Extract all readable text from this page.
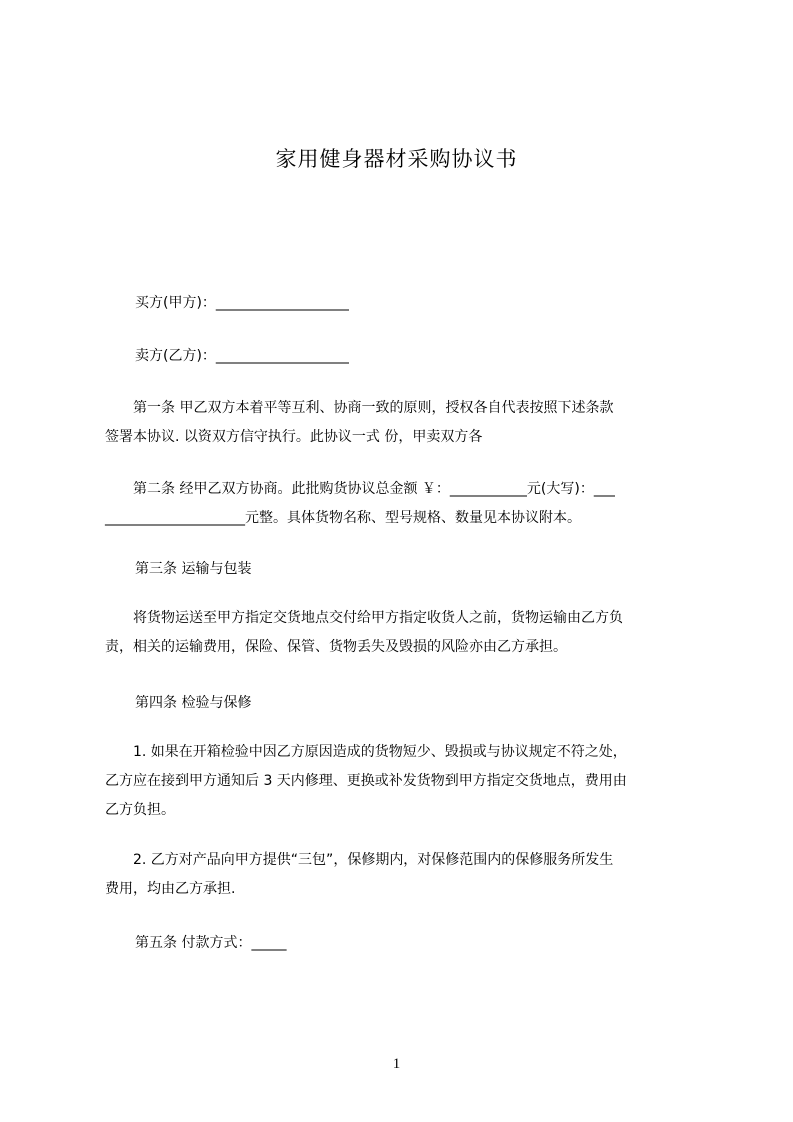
家用健身器材采购协议书
买方(甲方)：___________________
卖方(乙方)：___________________
第一条 甲乙双方本着平等互利、协商一致的原则，授权各自代表按照下述条款
签署本协议. 以资双方信守执行。此协议一式 份，甲卖双方各
第二条 经甲乙双方协商。此批购货协议总金额 ￥：___________元(大写)：___
____________________元整。具体货物名称、型号规格、数量见本协议附本。
第三条 运输与包装
将货物运送至甲方指定交货地点交付给甲方指定收货人之前，货物运输由乙方负
责，相关的运输费用，保险、保管、货物丢失及毁损的风险亦由乙方承担。
第四条 检验与保修
1. 如果在开箱检验中因乙方原因造成的货物短少、毁损或与协议规定不符之处，
乙方应在接到甲方通知后 3 天内修理、更换或补发货物到甲方指定交货地点，费用由
乙方负担。
2. 乙方对产品向甲方提供“三包”，保修期内，对保修范围内的保修服务所发生
费用，均由乙方承担.
第五条 付款方式：_____
1
